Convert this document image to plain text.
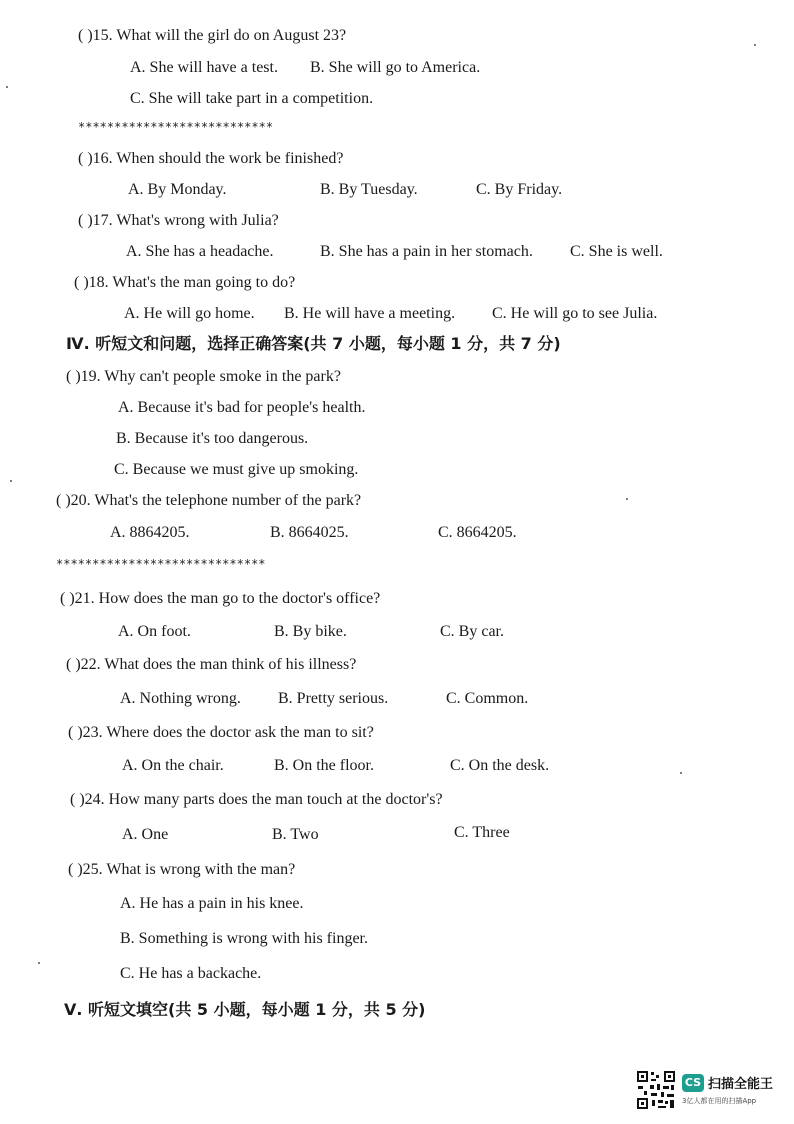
( )15. What will the girl do on August 23?
A. She will have a test. B. She will go to America.
C. She will take part in a competition.
***************************
( )16. When should the work be finished?
A. By Monday.	B. By Tuesday.	C. By Friday.
( )17. What's wrong with Julia?
A. She has a headache.	B. She has a pain in her stomach. C. She is well.
( )18. What's the man going to do?
A. He will go home. B. He will have a meeting. C. He will go to see Julia.
Ⅳ. 听短文和问题，选择正确答案(共 7 小题，每小题 1 分，共 7 分)
( )19. Why can't people smoke in the park?
A. Because it's bad for people's health.
B. Because it's too dangerous.
C. Because we must give up smoking.
( )20. What's the telephone number of the park?
A. 8864205.	B. 8664025.	C. 8664205.
*****************************
( )21. How does the man go to the doctor's office?
A. On foot.	B. By bike.	C. By car.
( )22. What does the man think of his illness?
A. Nothing wrong. B. Pretty serious.	C. Common.
( )23. Where does the doctor ask the man to sit?
A. On the chair.	B. On the floor.	C. On the desk.
( )24. How many parts does the man touch at the doctor's?
A. One	B. Two	C. Three
( )25. What is wrong with the man?
A. He has a pain in his knee.
B. Something is wrong with his finger.
C. He has a backache.
Ⅴ. 听短文填空(共 5 小题，每小题 1 分，共 5 分)
CS 扫描全能王
3亿人都在用的扫描App
